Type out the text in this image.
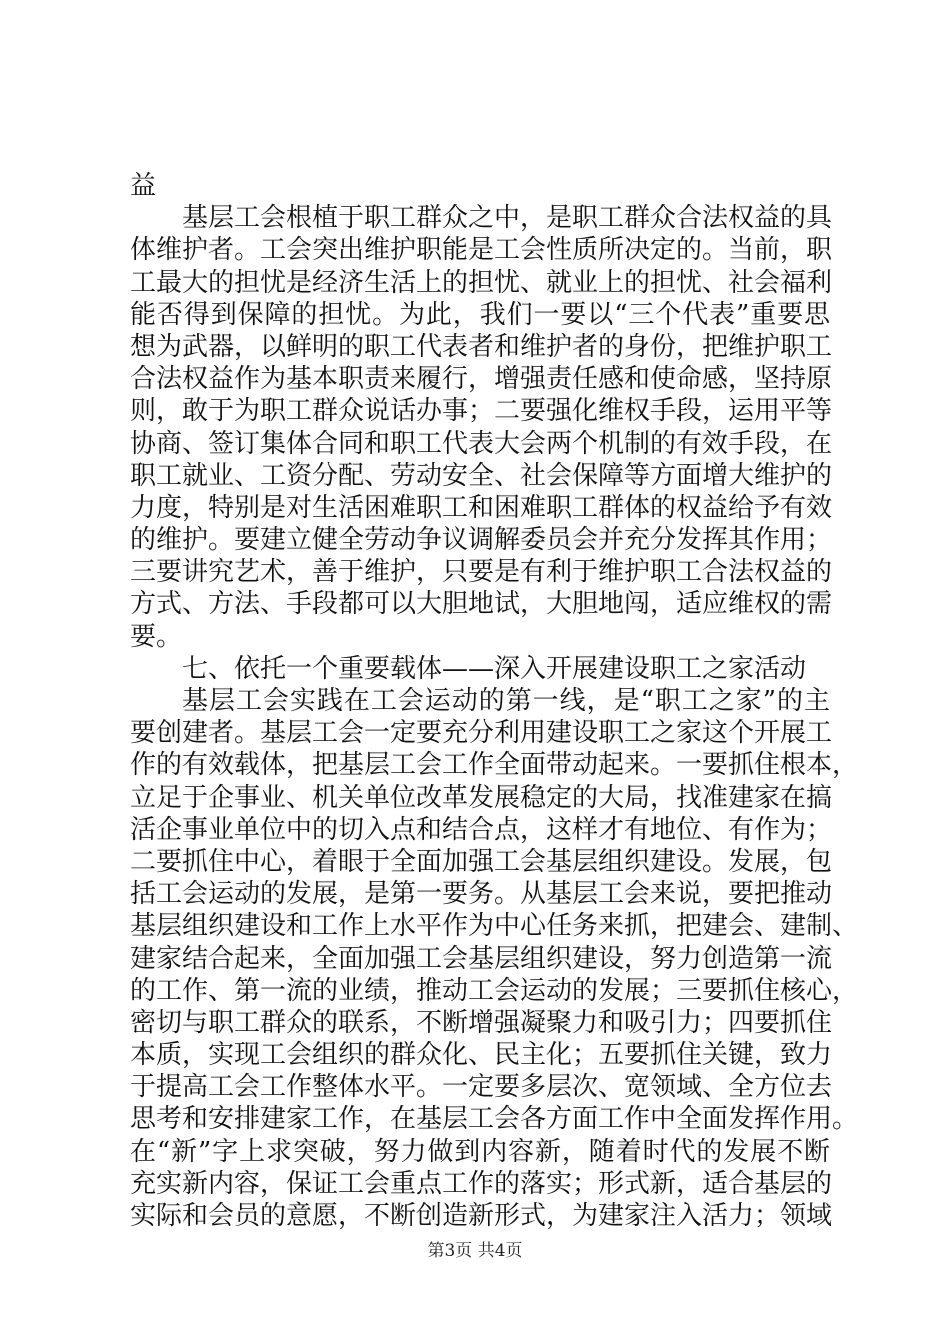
益
基层工会根植于职工群众之中，是职工群众合法权益的具
体维护者。工会突出维护职能是工会性质所决定的。当前，职
工最大的担忧是经济生活上的担忧、就业上的担忧、社会福利
能否得到保障的担忧。为此，我们一要以“三个代表”重要思
想为武器，以鲜明的职工代表者和维护者的身份，把维护职工
合法权益作为基本职责来履行，增强责任感和使命感，坚持原
则，敢于为职工群众说话办事；二要强化维权手段，运用平等
协商、签订集体合同和职工代表大会两个机制的有效手段，在
职工就业、工资分配、劳动安全、社会保障等方面增大维护的
力度，特别是对生活困难职工和困难职工群体的权益给予有效
的维护。要建立健全劳动争议调解委员会并充分发挥其作用；
三要讲究艺术，善于维护，只要是有利于维护职工合法权益的
方式、方法、手段都可以大胆地试，大胆地闯，适应维权的需
要。
七、依托一个重要载体——深入开展建设职工之家活动
基层工会实践在工会运动的第一线，是“职工之家”的主
要创建者。基层工会一定要充分利用建设职工之家这个开展工
作的有效载体，把基层工会工作全面带动起来。一要抓住根本，
立足于企事业、机关单位改革发展稳定的大局，找准建家在搞
活企事业单位中的切入点和结合点，这样才有地位、有作为；
二要抓住中心，着眼于全面加强工会基层组织建设。发展，包
括工会运动的发展，是第一要务。从基层工会来说，要把推动
基层组织建设和工作上水平作为中心任务来抓，把建会、建制、
建家结合起来，全面加强工会基层组织建设，努力创造第一流
的工作、第一流的业绩，推动工会运动的发展；三要抓住核心，
密切与职工群众的联系，不断增强凝聚力和吸引力；四要抓住
本质，实现工会组织的群众化、民主化；五要抓住关键，致力
于提高工会工作整体水平。一定要多层次、宽领域、全方位去
思考和安排建家工作，在基层工会各方面工作中全面发挥作用。
在“新”字上求突破，努力做到内容新，随着时代的发展不断
充实新内容，保证工会重点工作的落实；形式新，适合基层的
实际和会员的意愿，不断创造新形式，为建家注入活力；领域
第3页 共4页
